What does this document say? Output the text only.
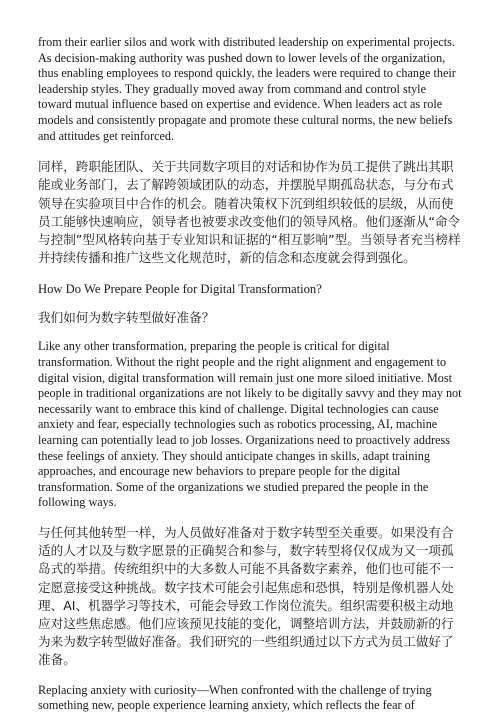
from their earlier silos and work with distributed leadership on experimental projects. As decision-making authority was pushed down to lower levels of the organization, thus enabling employees to respond quickly, the leaders were required to change their leadership styles. They gradually moved away from command and control style toward mutual influence based on expertise and evidence. When leaders act as role models and consistently propagate and promote these cultural norms, the new beliefs and attitudes get reinforced.

同样，跨职能团队、关于共同数字项目的对话和协作为员工提供了跳出其职能或业务部门，去了解跨领域团队的动态，并摆脱早期孤岛状态，与分布式领导在实验项目中合作的机会。随着决策权下沉到组织较低的层级，从而使员工能够快速响应，领导者也被要求改变他们的领导风格。他们逐渐从“命令与控制”型风格转向基于专业知识和证据的“相互影响”型。当领导者充当榜样并持续传播和推广这些文化规范时，新的信念和态度就会得到强化。

How Do We Prepare People for Digital Transformation?

我们如何为数字转型做好准备？

Like any other transformation, preparing the people is critical for digital transformation. Without the right people and the right alignment and engagement to digital vision, digital transformation will remain just one more siloed initiative. Most people in traditional organizations are not likely to be digitally savvy and they may not necessarily want to embrace this kind of challenge. Digital technologies can cause anxiety and fear, especially technologies such as robotics processing, AI, machine learning can potentially lead to job losses. Organizations need to proactively address these feelings of anxiety. They should anticipate changes in skills, adapt training approaches, and encourage new behaviors to prepare people for the digital transformation. Some of the organizations we studied prepared the people in the following ways.

与任何其他转型一样，为人员做好准备对于数字转型至关重要。如果没有合适的人才以及与数字愿景的正确契合和参与，数字转型将仅仅成为又一项孤岛式的举措。传统组织中的大多数人可能不具备数字素养，他们也可能不一定愿意接受这种挑战。数字技术可能会引起焦虑和恐惧，特别是像机器人处理、AI、机器学习等技术，可能会导致工作岗位流失。组织需要积极主动地应对这些焦虑感。他们应该预见技能的变化，调整培训方法，并鼓励新的行为来为数字转型做好准备。我们研究的一些组织通过以下方式为员工做好了准备。

Replacing anxiety with curiosity—When confronted with the challenge of trying something new, people experience learning anxiety, which reflects the fear of
